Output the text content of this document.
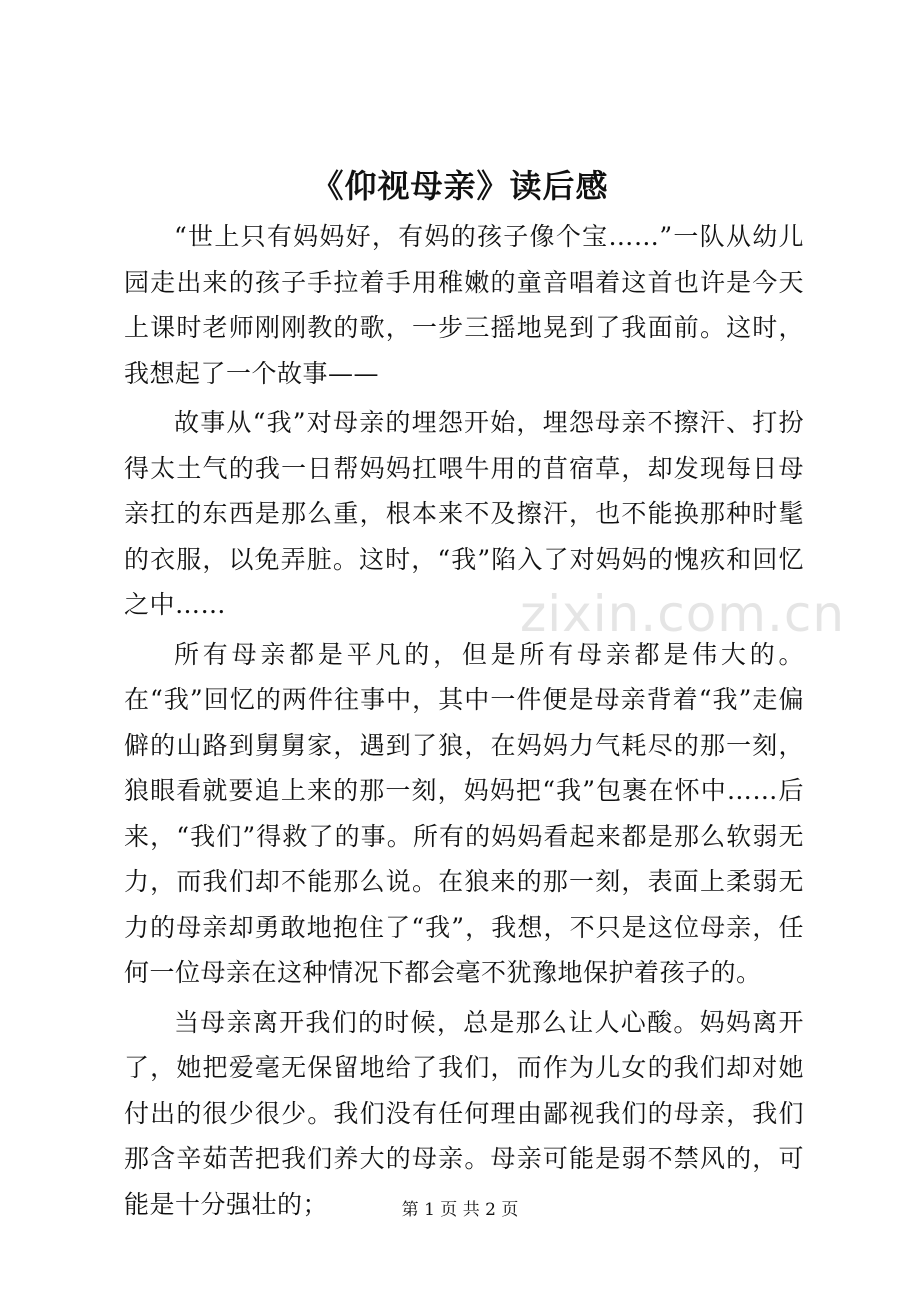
《仰视母亲》读后感

“世上只有妈妈好，有妈的孩子像个宝……”一队从幼儿园走出来的孩子手拉着手用稚嫩的童音唱着这首也许是今天上课时老师刚刚教的歌，一步三摇地晃到了我面前。这时，我想起了一个故事——

故事从“我”对母亲的埋怨开始，埋怨母亲不擦汗、打扮得太土气的我一日帮妈妈扛喂牛用的苜宿草，却发现每日母亲扛的东西是那么重，根本来不及擦汗，也不能换那种时髦的衣服，以免弄脏。这时，“我”陷入了对妈妈的愧疚和回忆之中……

所有母亲都是平凡的，但是所有母亲都是伟大的。在“我”回忆的两件往事中，其中一件便是母亲背着“我”走偏僻的山路到舅舅家，遇到了狼，在妈妈力气耗尽的那一刻，狼眼看就要追上来的那一刻，妈妈把“我”包裹在怀中……后来，“我们”得救了的事。所有的妈妈看起来都是那么软弱无力，而我们却不能那么说。在狼来的那一刻，表面上柔弱无力的母亲却勇敢地抱住了“我”，我想，不只是这位母亲，任何一位母亲在这种情况下都会毫不犹豫地保护着孩子的。

当母亲离开我们的时候，总是那么让人心酸。妈妈离开了，她把爱毫无保留地给了我们，而作为儿女的我们却对她付出的很少很少。我们没有任何理由鄙视我们的母亲，我们那含辛茹苦把我们养大的母亲。母亲可能是弱不禁风的，可能是十分强壮的；

zixin.com.cn
第 1 页 共 2 页
